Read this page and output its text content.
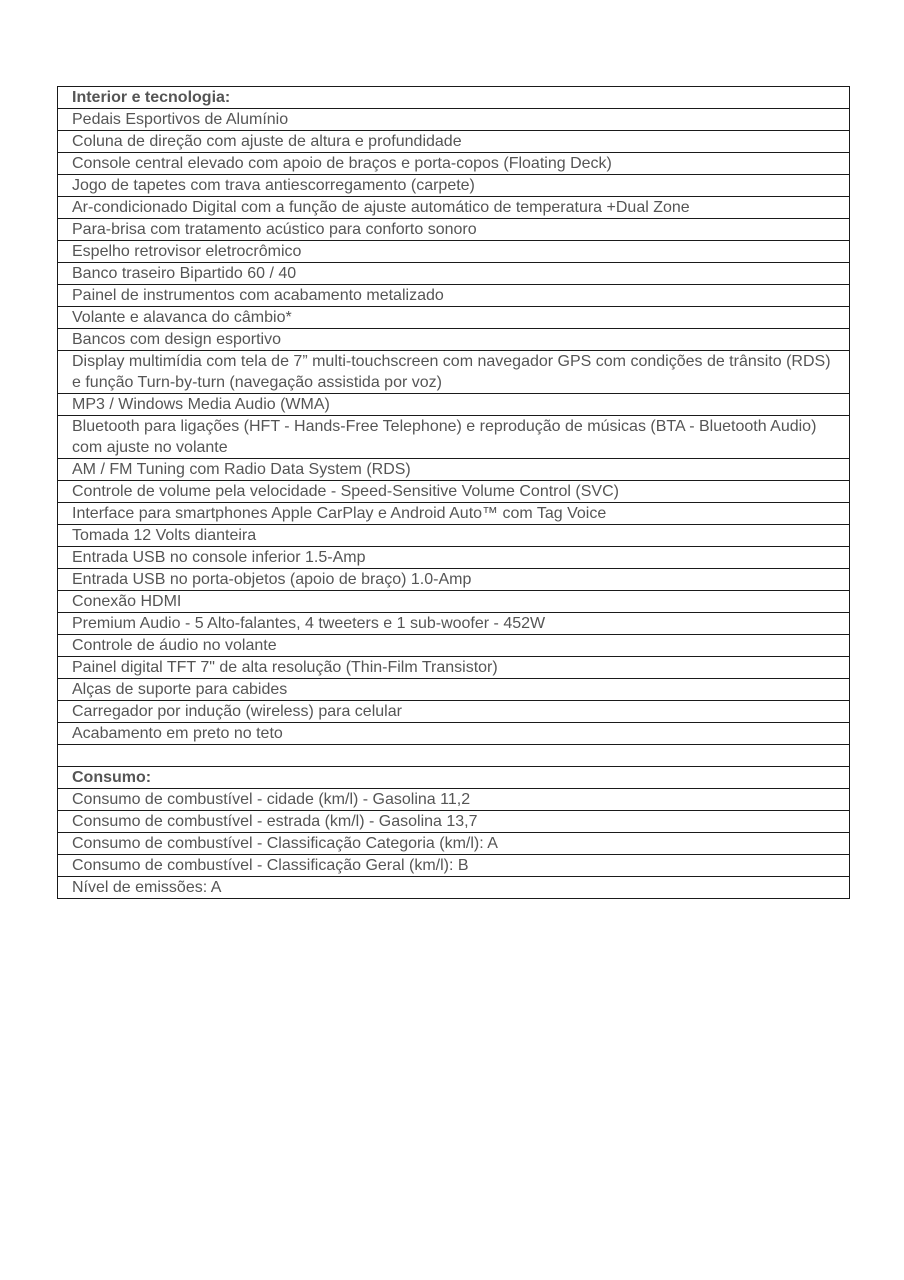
Interior e tecnologia:
Pedais Esportivos de Alumínio
Coluna de direção com ajuste de altura e profundidade
Console central elevado com apoio de braços e porta-copos (Floating Deck)
Jogo de tapetes com trava antiescorregamento (carpete)
Ar-condicionado Digital com a função de ajuste automático de temperatura +Dual Zone
Para-brisa com tratamento acústico para conforto sonoro
Espelho retrovisor eletrocrômico
Banco traseiro Bipartido 60 / 40
Painel de instrumentos com acabamento metalizado
Volante e alavanca do câmbio*
Bancos com design esportivo
Display multimídia com tela de 7” multi-touchscreen com navegador GPS com condições de trânsito (RDS) e função Turn-by-turn (navegação assistida por voz)
MP3 / Windows Media Audio (WMA)
Bluetooth para ligações (HFT - Hands-Free Telephone) e reprodução de músicas (BTA - Bluetooth Audio) com ajuste no volante
AM / FM Tuning com Radio Data System (RDS)
Controle de volume pela velocidade - Speed-Sensitive Volume Control (SVC)
Interface para smartphones Apple CarPlay e Android Auto™ com Tag Voice
Tomada 12 Volts dianteira
Entrada USB no console inferior 1.5-Amp
Entrada USB no porta-objetos (apoio de braço) 1.0-Amp
Conexão HDMI
Premium Audio - 5 Alto-falantes, 4 tweeters e 1 sub-woofer - 452W
Controle de áudio no volante
Painel digital TFT 7" de alta resolução (Thin-Film Transistor)
Alças de suporte para cabides
Carregador por indução (wireless) para celular
Acabamento em preto no teto

Consumo:
Consumo de combustível - cidade (km/l) - Gasolina 11,2
Consumo de combustível - estrada (km/l) - Gasolina 13,7
Consumo de combustível - Classificação Categoria (km/l): A
Consumo de combustível - Classificação Geral (km/l): B
Nível de emissões: A
